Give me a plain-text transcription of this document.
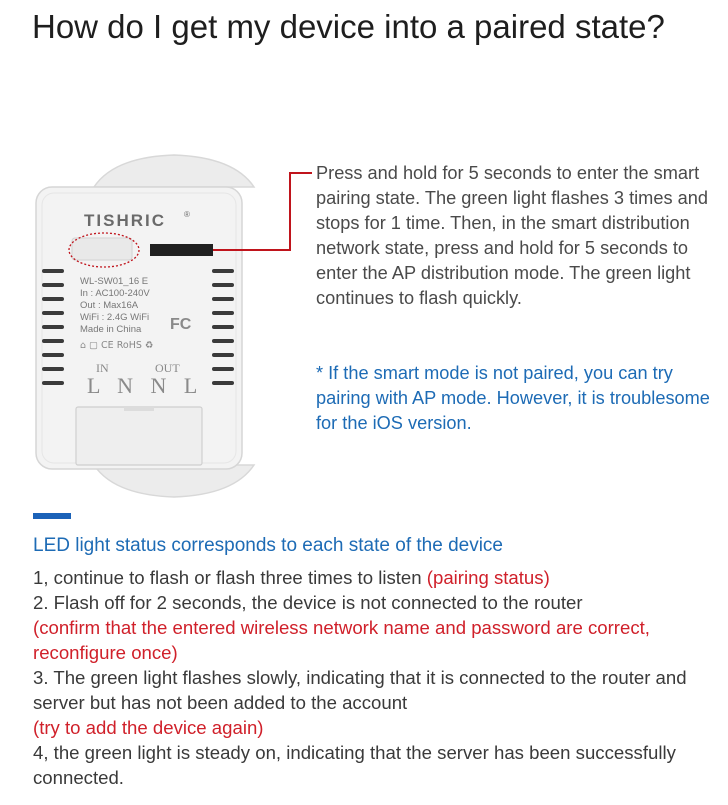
How do I get my device into a paired state?
TISHRIC ®
WL-SW01_16 E
In : AC100-240V
Out : Max16A
WiFi : 2.4G WiFi
Made in China FC
⌂ ▢ CE RoHS ♻
IN	OUT
L N N L
Press and hold for 5 seconds to enter the smart pairing state. The green light flashes 3 times and stops for 1 time. Then, in the smart distribution network state, press and hold for 5 seconds to enter the AP distribution mode. The green light continues to flash quickly.
* If the smart mode is not paired, you can try pairing with AP mode. However, it is troublesome for the iOS version.
LED light status corresponds to each state of the device

1, continue to flash or flash three times to listen (pairing status)

2. Flash off for 2 seconds, the device is not connected to the router
(confirm that the entered wireless network name and password are correct, reconfigure once)

3. The green light flashes slowly, indicating that it is connected to the router and server but has not been added to the account
(try to add the device again)

4, the green light is steady on, indicating that the server has been successfully connected.
